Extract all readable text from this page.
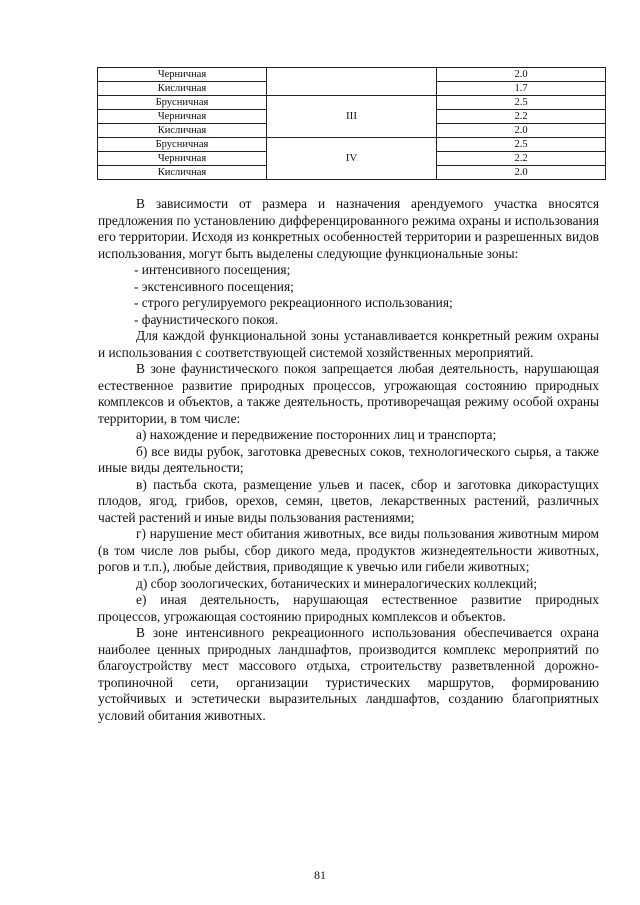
Черничная		2.0
Кисличная		1.7
Брусничная	III	2.5
Черничная		2.2
Кисличная		2.0
Брусничная	IV	2.5
Черничная		2.2
Кисличная		2.0

В зависимости от размера и назначения арендуемого участка вносятся предложения по установлению дифференцированного режима охраны и использования его территории. Исходя из конкретных особенностей территории и разрешенных видов использования, могут быть выделены следующие функциональные зоны:

- интенсивного посещения;

- экстенсивного посещения;

- строго регулируемого рекреационного использования;

- фаунистического покоя.

Для каждой функциональной зоны устанавливается конкретный режим охраны и использования с соответствующей системой хозяйственных мероприятий.

В зоне фаунистического покоя запрещается любая деятельность, нарушающая естественное развитие природных процессов, угрожающая состоянию природных комплексов и объектов, а также деятельность, противоречащая режиму особой охраны территории, в том числе:

а) нахождение и передвижение посторонних лиц и транспорта;

б) все виды рубок, заготовка древесных соков, технологического сырья, а также иные виды деятельности;

в) пастьба скота, размещение ульев и пасек, сбор и заготовка дикорастущих плодов, ягод, грибов, орехов, семян, цветов, лекарственных растений, различных частей растений и иные виды пользования растениями;

г) нарушение мест обитания животных, все виды пользования животным миром (в том числе лов рыбы, сбор дикого меда, продуктов жизнедеятельности животных, рогов и т.п.), любые действия, приводящие к увечью или гибели животных;

д) сбор зоологических, ботанических и минералогических коллекций;

е) иная деятельность, нарушающая естественное развитие природных процессов, угрожающая состоянию природных комплексов и объектов.

В зоне интенсивного рекреационного использования обеспечивается охрана наиболее ценных природных ландшафтов, производится комплекс мероприятий по благоустройству мест массового отдыха, строительству разветвленной дорожно-тропиночной сети, организации туристических маршрутов, формированию устойчивых и эстетически выразительных ландшафтов, созданию благоприятных условий обитания животных.

81
